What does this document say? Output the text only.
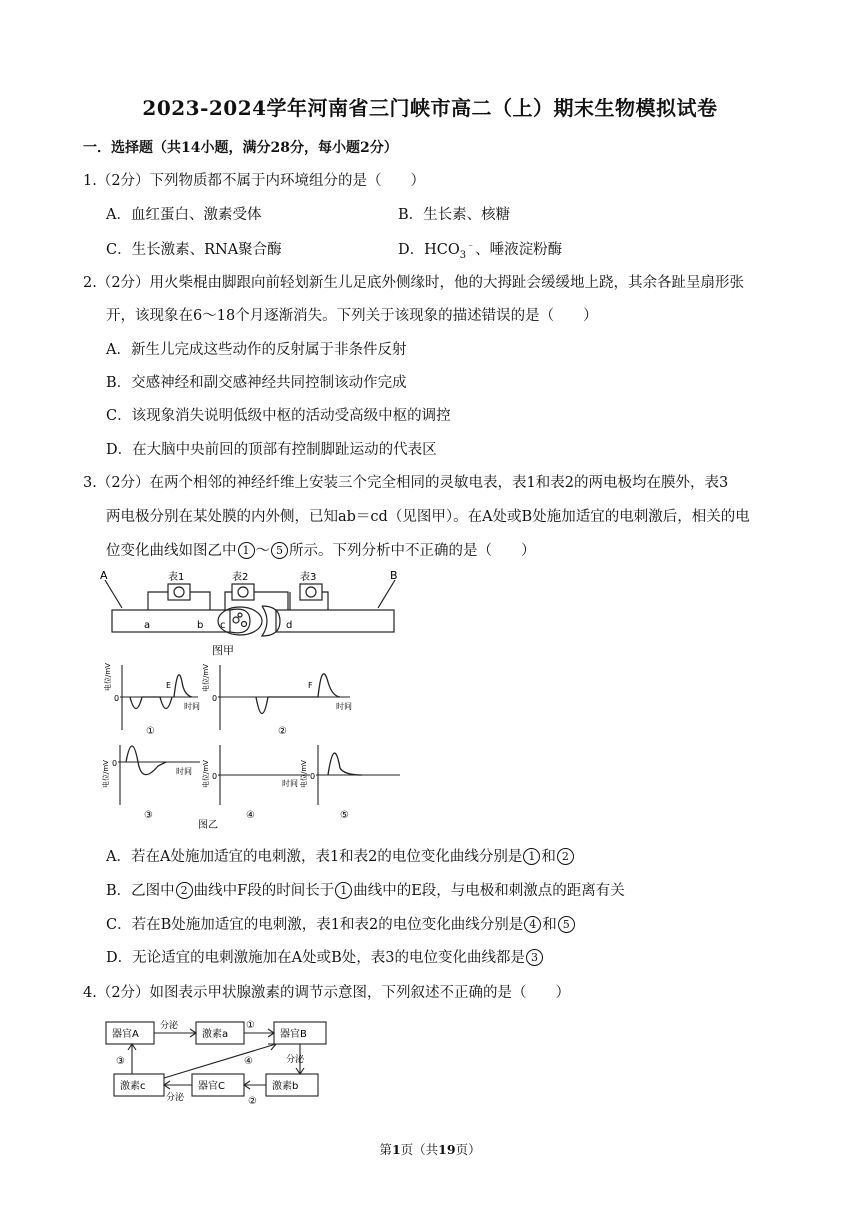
2023-2024学年河南省三门峡市高二（上）期末生物模拟试卷
一．选择题（共14小题，满分28分，每小题2分）
1.（2分）下列物质都不属于内环境组分的是（　　）
A．血红蛋白、激素受体	B．生长素、核糖
C．生长激素、RNA聚合酶	D．$HCO_3^﹣$、唾液淀粉酶
2.（2分）用火柴棍由脚跟向前轻划新生儿足底外侧缘时，他的大拇趾会缓缓地上跷，其余各趾呈扇形张
开，该现象在6～18个月逐渐消失。下列关于该现象的描述错误的是（　　）
A．新生儿完成这些动作的反射属于非条件反射
B．交感神经和副交感神经共同控制该动作完成
C．该现象消失说明低级中枢的活动受高级中枢的调控
D．在大脑中央前回的顶部有控制脚趾运动的代表区
3.（2分）在两个相邻的神经纤维上安装三个完全相同的灵敏电表，表1和表2的两电极均在膜外，表3
两电极分别在某处膜的内外侧，已知ab＝cd（见图甲）。在A处或B处施加适宜的电刺激后，相关的电
位变化曲线如图乙中 1 ～ 5 所示。下列分析中不正确的是（　　）
A	B
表1	表2	表3
a	b c	d
图甲
电位/mV
0
时间
E
①
电位/mV
0
时间
F
②
电位/mV 0
时间
③
电位/mV 0
时间
④
电位/mV 0
⑤
图乙
A．若在A处施加适宜的电刺激，表1和表2的电位变化曲线分别是 1 和 2
B．乙图中 2 曲线中F段的时间长于 1 曲线中的E段，与电极和刺激点的距离有关
C．若在B处施加适宜的电刺激，表1和表2的电位变化曲线分别是 4 和 5
D．无论适宜的电刺激施加在A处或B处，表3的电位变化曲线都是 3
4.（2分）如图表示甲状腺激素的调节示意图，下列叙述不正确的是（　　）
器官A	激素a	器官B
激素c	器官C	激素b
分泌
分泌
分泌
①
②
③	④
第1页（共19页）
